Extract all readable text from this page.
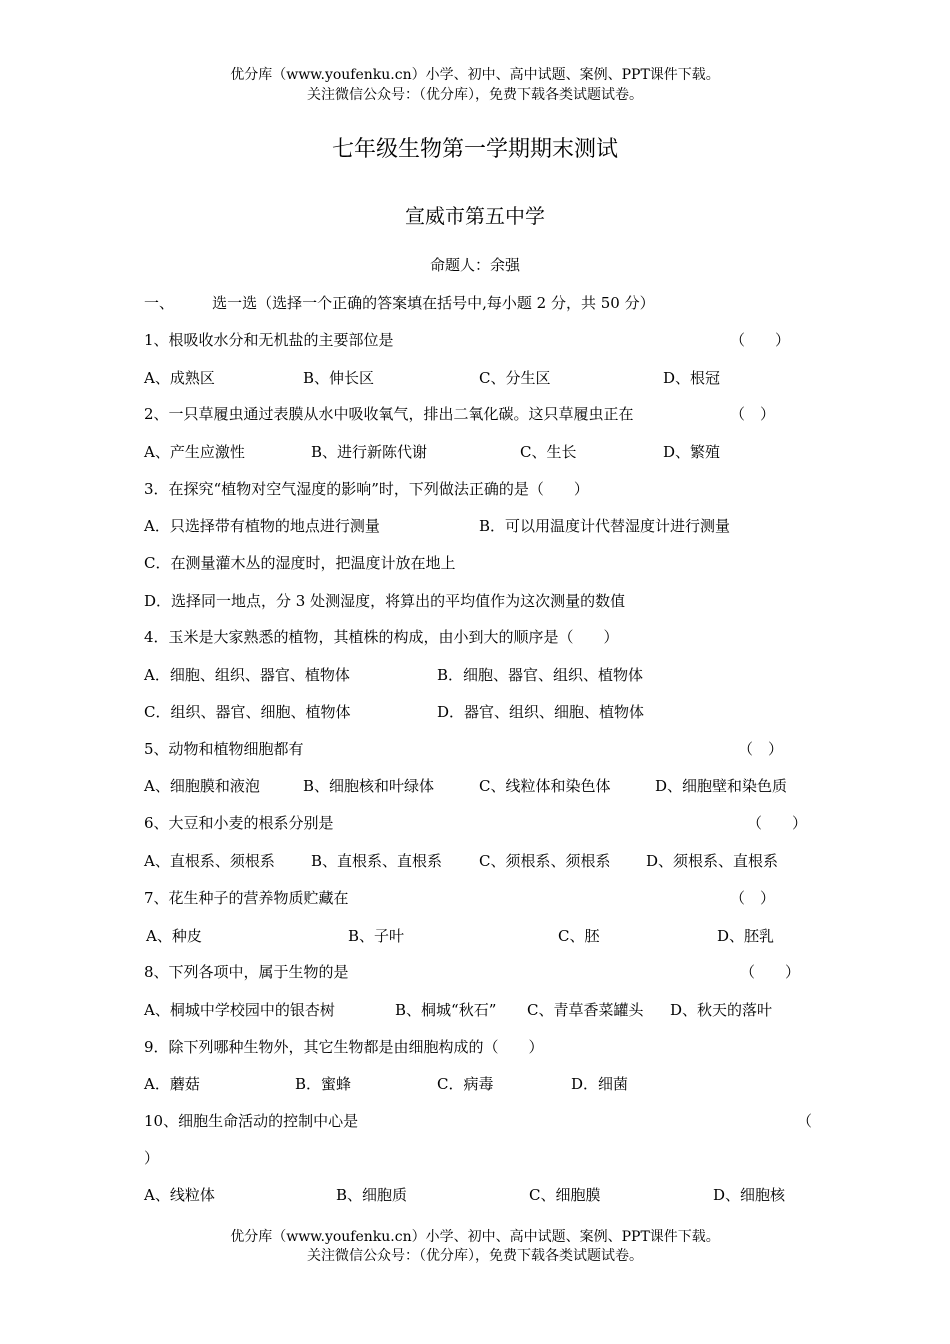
优分库（www.youfenku.cn）小学、初中、高中试题、案例、PPT课件下载。
关注微信公众号：（优分库），免费下载各类试题试卷。
七年级生物第一学期期末测试
宣威市第五中学
命题人：余强
一、        选一选（选择一个正确的答案填在括号中,每小题 2 分，共 50 分）
1、根吸收水分和无机盐的主要部位是	（　　）
A、成熟区	B、伸长区	C、分生区	D、根冠
2、一只草履虫通过表膜从水中吸收氧气，排出二氧化碳。这只草履虫正在	（　）
A、产生应激性	B、进行新陈代谢	C、生长	D、繁殖
3．在探究“植物对空气湿度的影响”时，下列做法正确的是（　　）
A．只选择带有植物的地点进行测量	B．可以用温度计代替湿度计进行测量
C．在测量灌木丛的湿度时，把温度计放在地上
D．选择同一地点，分 3 处测湿度，将算出的平均值作为这次测量的数值
4．玉米是大家熟悉的植物，其植株的构成，由小到大的顺序是（　　）
A．细胞、组织、器官、植物体	B．细胞、器官、组织、植物体
C．组织、器官、细胞、植物体	D．器官、组织、细胞、植物体
5、动物和植物细胞都有	（　）
A、细胞膜和液泡	B、细胞核和叶绿体	C、线粒体和染色体	D、细胞壁和染色质
6、大豆和小麦的根系分别是	（　　）
A、直根系、须根系 B、直根系、直根系 C、须根系、须根系 D、须根系、直根系
7、花生种子的营养物质贮藏在	（　）
A、种皮	B、子叶	C、胚	D、胚乳
8、下列各项中，属于生物的是	（　　）
A、桐城中学校园中的银杏树	B、桐城“秋石” C、青草香菜罐头 D、秋天的落叶
9．除下列哪种生物外，其它生物都是由细胞构成的（　　）
A．蘑菇	B．蜜蜂	C．病毒	D．细菌
10、细胞生命活动的控制中心是	（
）
A、线粒体	B、细胞质	C、细胞膜	D、细胞核
优分库（www.youfenku.cn）小学、初中、高中试题、案例、PPT课件下载。
关注微信公众号：（优分库），免费下载各类试题试卷。
